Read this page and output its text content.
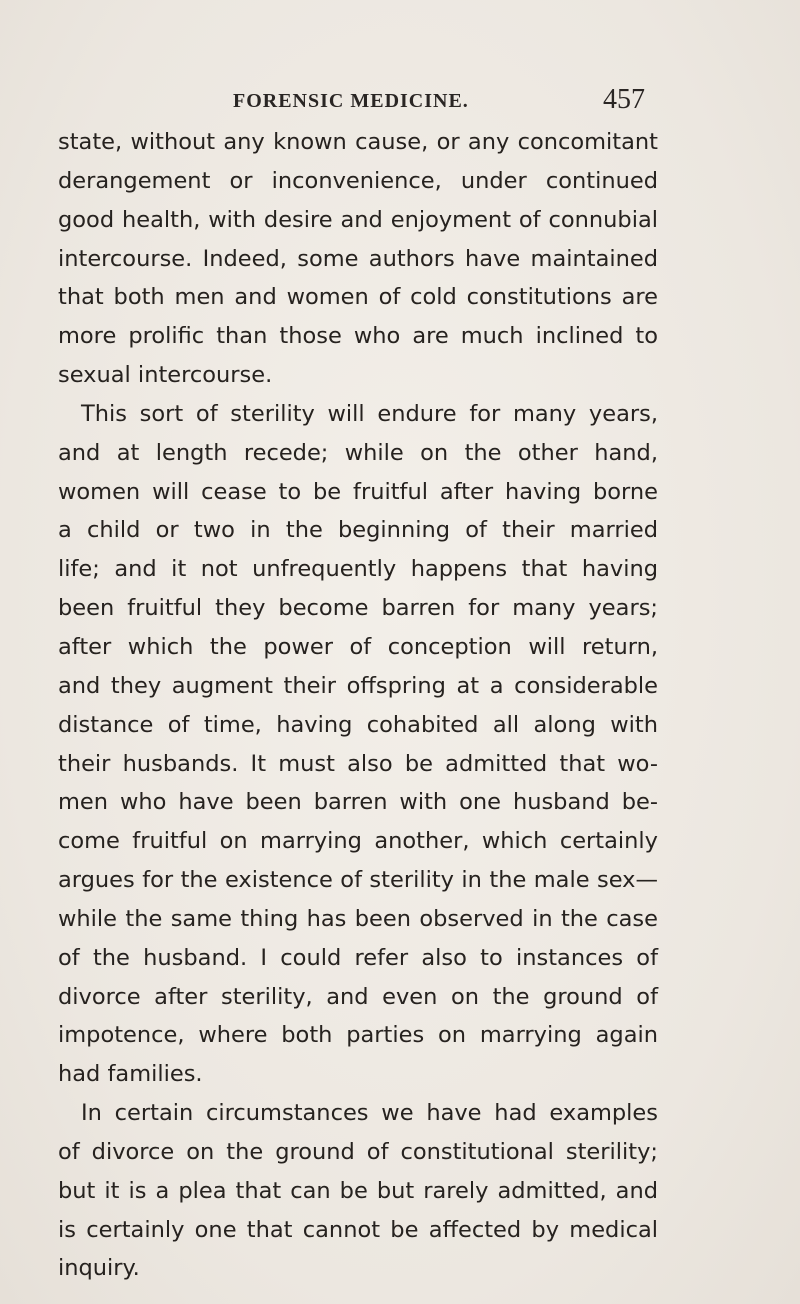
FORENSIC MEDICINE.	457
state, without any known cause, or any concomitant
derangement or inconvenience, under continued
good health, with desire and enjoyment of connubial
intercourse. Indeed, some authors have maintained
that both men and women of cold constitutions are
more prolific than those who are much inclined to
sexual intercourse.
This sort of sterility will endure for many years,
and at length recede; while on the other hand,
women will cease to be fruitful after having borne
a child or two in the beginning of their married
life; and it not unfrequently happens that having
been fruitful they become barren for many years;
after which the power of conception will return,
and they augment their offspring at a considerable
distance of time, having cohabited all along with
their husbands. It must also be admitted that wo-
men who have been barren with one husband be-
come fruitful on marrying another, which certainly
argues for the existence of sterility in the male sex—
while the same thing has been observed in the case
of the husband. I could refer also to instances of
divorce after sterility, and even on the ground of
impotence, where both parties on marrying again
had families.
In certain circumstances we have had examples
of divorce on the ground of constitutional sterility;
but it is a plea that can be but rarely admitted, and
is certainly one that cannot be affected by medical
inquiry.
